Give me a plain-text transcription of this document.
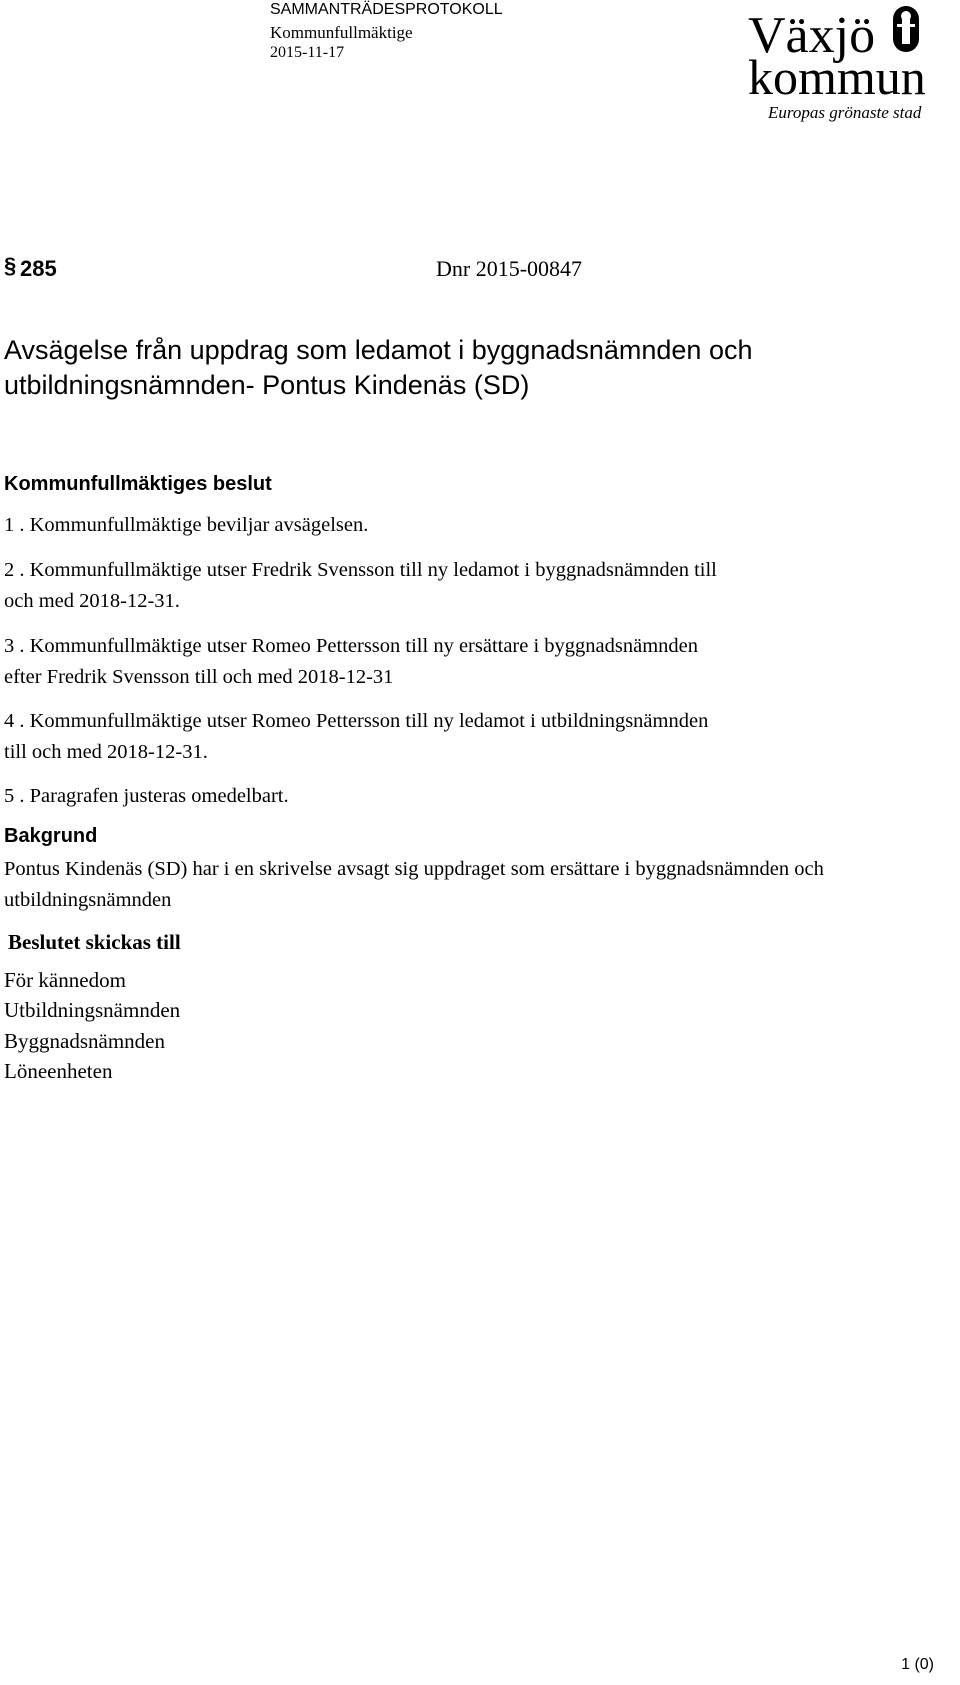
SAMMANTRÄDESPROTOKOLL

Kommunfullmäktige

2015-11-17	Växjö
kommun
Europas grönaste stad
§ 285	Dnr 2015-00847
Avsägelse från uppdrag som ledamot i byggnadsnämnden och utbildningsnämnden- Pontus Kindenäs (SD)
Kommunfullmäktiges beslut

1 . Kommunfullmäktige beviljar avsägelsen.

2 . Kommunfullmäktige utser Fredrik Svensson till ny ledamot i byggnadsnämnden till och med 2018-12-31.

3 . Kommunfullmäktige utser Romeo Pettersson till ny ersättare i byggnadsnämnden efter Fredrik Svensson till och med 2018-12-31

4 . Kommunfullmäktige utser Romeo Pettersson till ny ledamot i utbildningsnämnden till och med 2018-12-31.

5 . Paragrafen justeras omedelbart.

Bakgrund

Pontus Kindenäs (SD) har i en skrivelse avsagt sig uppdraget som ersättare i byggnadsnämnden och utbildningsnämnden

Beslutet skickas till

För kännedom

Utbildningsnämnden

Byggnadsnämnden

Löneenheten

1 (0)
